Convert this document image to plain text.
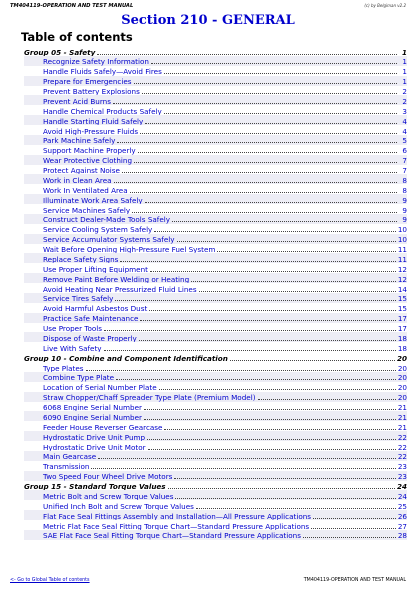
TM404119-OPERATION AND TEST MANUAL	(c) by Belgiman v2.2
Section 210 - GENERAL
Table of contents
Group 05 - Safety	1
Recognize Safety Information	1
Handle Fluids Safely—Avoid Fires	1
Prepare for Emergencies	1
Prevent Battery Explosions	2
Prevent Acid Burns	2
Handle Chemical Products Safely	3
Handle Starting Fluid Safely	4
Avoid High-Pressure Fluids	4
Park Machine Safely	5
Support Machine Properly	6
Wear Protective Clothing	7
Protect Against Noise	7
Work in Clean Area	8
Work In Ventilated Area	8
Illuminate Work Area Safely	9
Service Machines Safely	9
Construct Dealer-Made Tools Safely	9
Service Cooling System Safely	10
Service Accumulator Systems Safely	10
Wait Before Opening High-Pressure Fuel System	11
Replace Safety Signs	11
Use Proper Lifting Equipment	12
Remove Paint Before Welding or Heating	12
Avoid Heating Near Pressurized Fluid Lines	14
Service Tires Safely	15
Avoid Harmful Asbestos Dust	15
Practice Safe Maintenance	17
Use Proper Tools	17
Dispose of Waste Properly	18
Live With Safety	18
Group 10 - Combine and Component Identification	20
Type Plates	20
Combine Type Plate	20
Location of Serial Number Plate	20
Straw Chopper/Chaff Spreader Type Plate (Premium Model)	20
6068 Engine Serial Number	21
6090 Engine Serial Number	21
Feeder House Reverser Gearcase	21
Hydrostatic Drive Unit Pump	22
Hydrostatic Drive Unit Motor	22
Main Gearcase	22
Transmission	23
Two Speed Four Wheel Drive Motors	23
Group 15 - Standard Torque Values	24
Metric Bolt and Screw Torque Values	24
Unified Inch Bolt and Screw Torque Values	25
Flat Face Seal Fittings Assembly and Installation—All Pressure Applications	26
Metric Flat Face Seal Fitting Torque Chart—Standard Pressure Applications	27
SAE Flat Face Seal Fitting Torque Chart—Standard Pressure Applications	28
<- Go to Global Table of contents	TM404119-OPERATION AND TEST MANUAL
